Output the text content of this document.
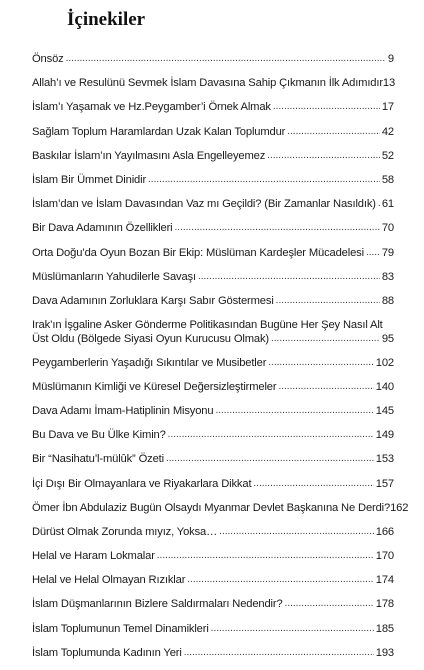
İçinekiler
Önsöz .....	9
Allah’ı ve Resulünü Sevmek İslam Davasına Sahip Çıkmanın İlk Adımıdır 13
İslam’ı Yaşamak ve Hz.Peygamber’i Örnek Almak .....	17
Sağlam Toplum Haramlardan Uzak Kalan Toplumdur .....	42
Baskılar İslam’ın Yayılmasını Asla Engelleyemez .....	52
İslam Bir Ümmet Dinidir .....	58
İslam’dan ve İslam Davasından Vaz mı Geçildi? (Bir Zamanlar Nasıldık) ..... 61
Bir Dava Adamının Özellikleri .....	70
Orta Doğu’da Oyun Bozan Bir Ekip: Müslüman Kardeşler Mücadelesi ..... 79
Müslümanların Yahudilerle Savaşı .....	83
Dava Adamının Zorluklara Karşı Sabır Göstermesi .....	88
Irak’ın İşgaline Asker Gönderme Politikasından Bugüne Her Şey Nasıl Alt
Üst Oldu (Bölgede Siyasi Oyun Kurucusu Olmak) .....	95
Peygamberlerin Yaşadığı Sıkıntılar ve Musibetler .....	102
Müslümanın Kimliği ve Küresel Değersizleştirmeler .....	140
Dava Adamı İmam-Hatiplinin Misyonu .....	145
Bu Dava ve Bu Ülke Kimin? .....	149
Bir “Nasihatu’l-mülûk” Özeti .....	153
İçi Dışı Bir Olmayanlara ve Riyakarlara Dikkat .....	157
Ömer İbn Abdulaziz Bugün Olsaydı Myanmar Devlet Başkanına Ne Derdi? 162
Dürüst Olmak Zorunda mıyız, Yoksa… .....	166
Helal ve Haram Lokmalar .....	170
Helal ve Helal Olmayan Rızıklar .....	174
İslam Düşmanlarının Bizlere Saldırmaları Nedendir? .....	178
İslam Toplumunun Temel Dinamikleri .....	185
İslam Toplumunda Kadının Yeri .....	193
